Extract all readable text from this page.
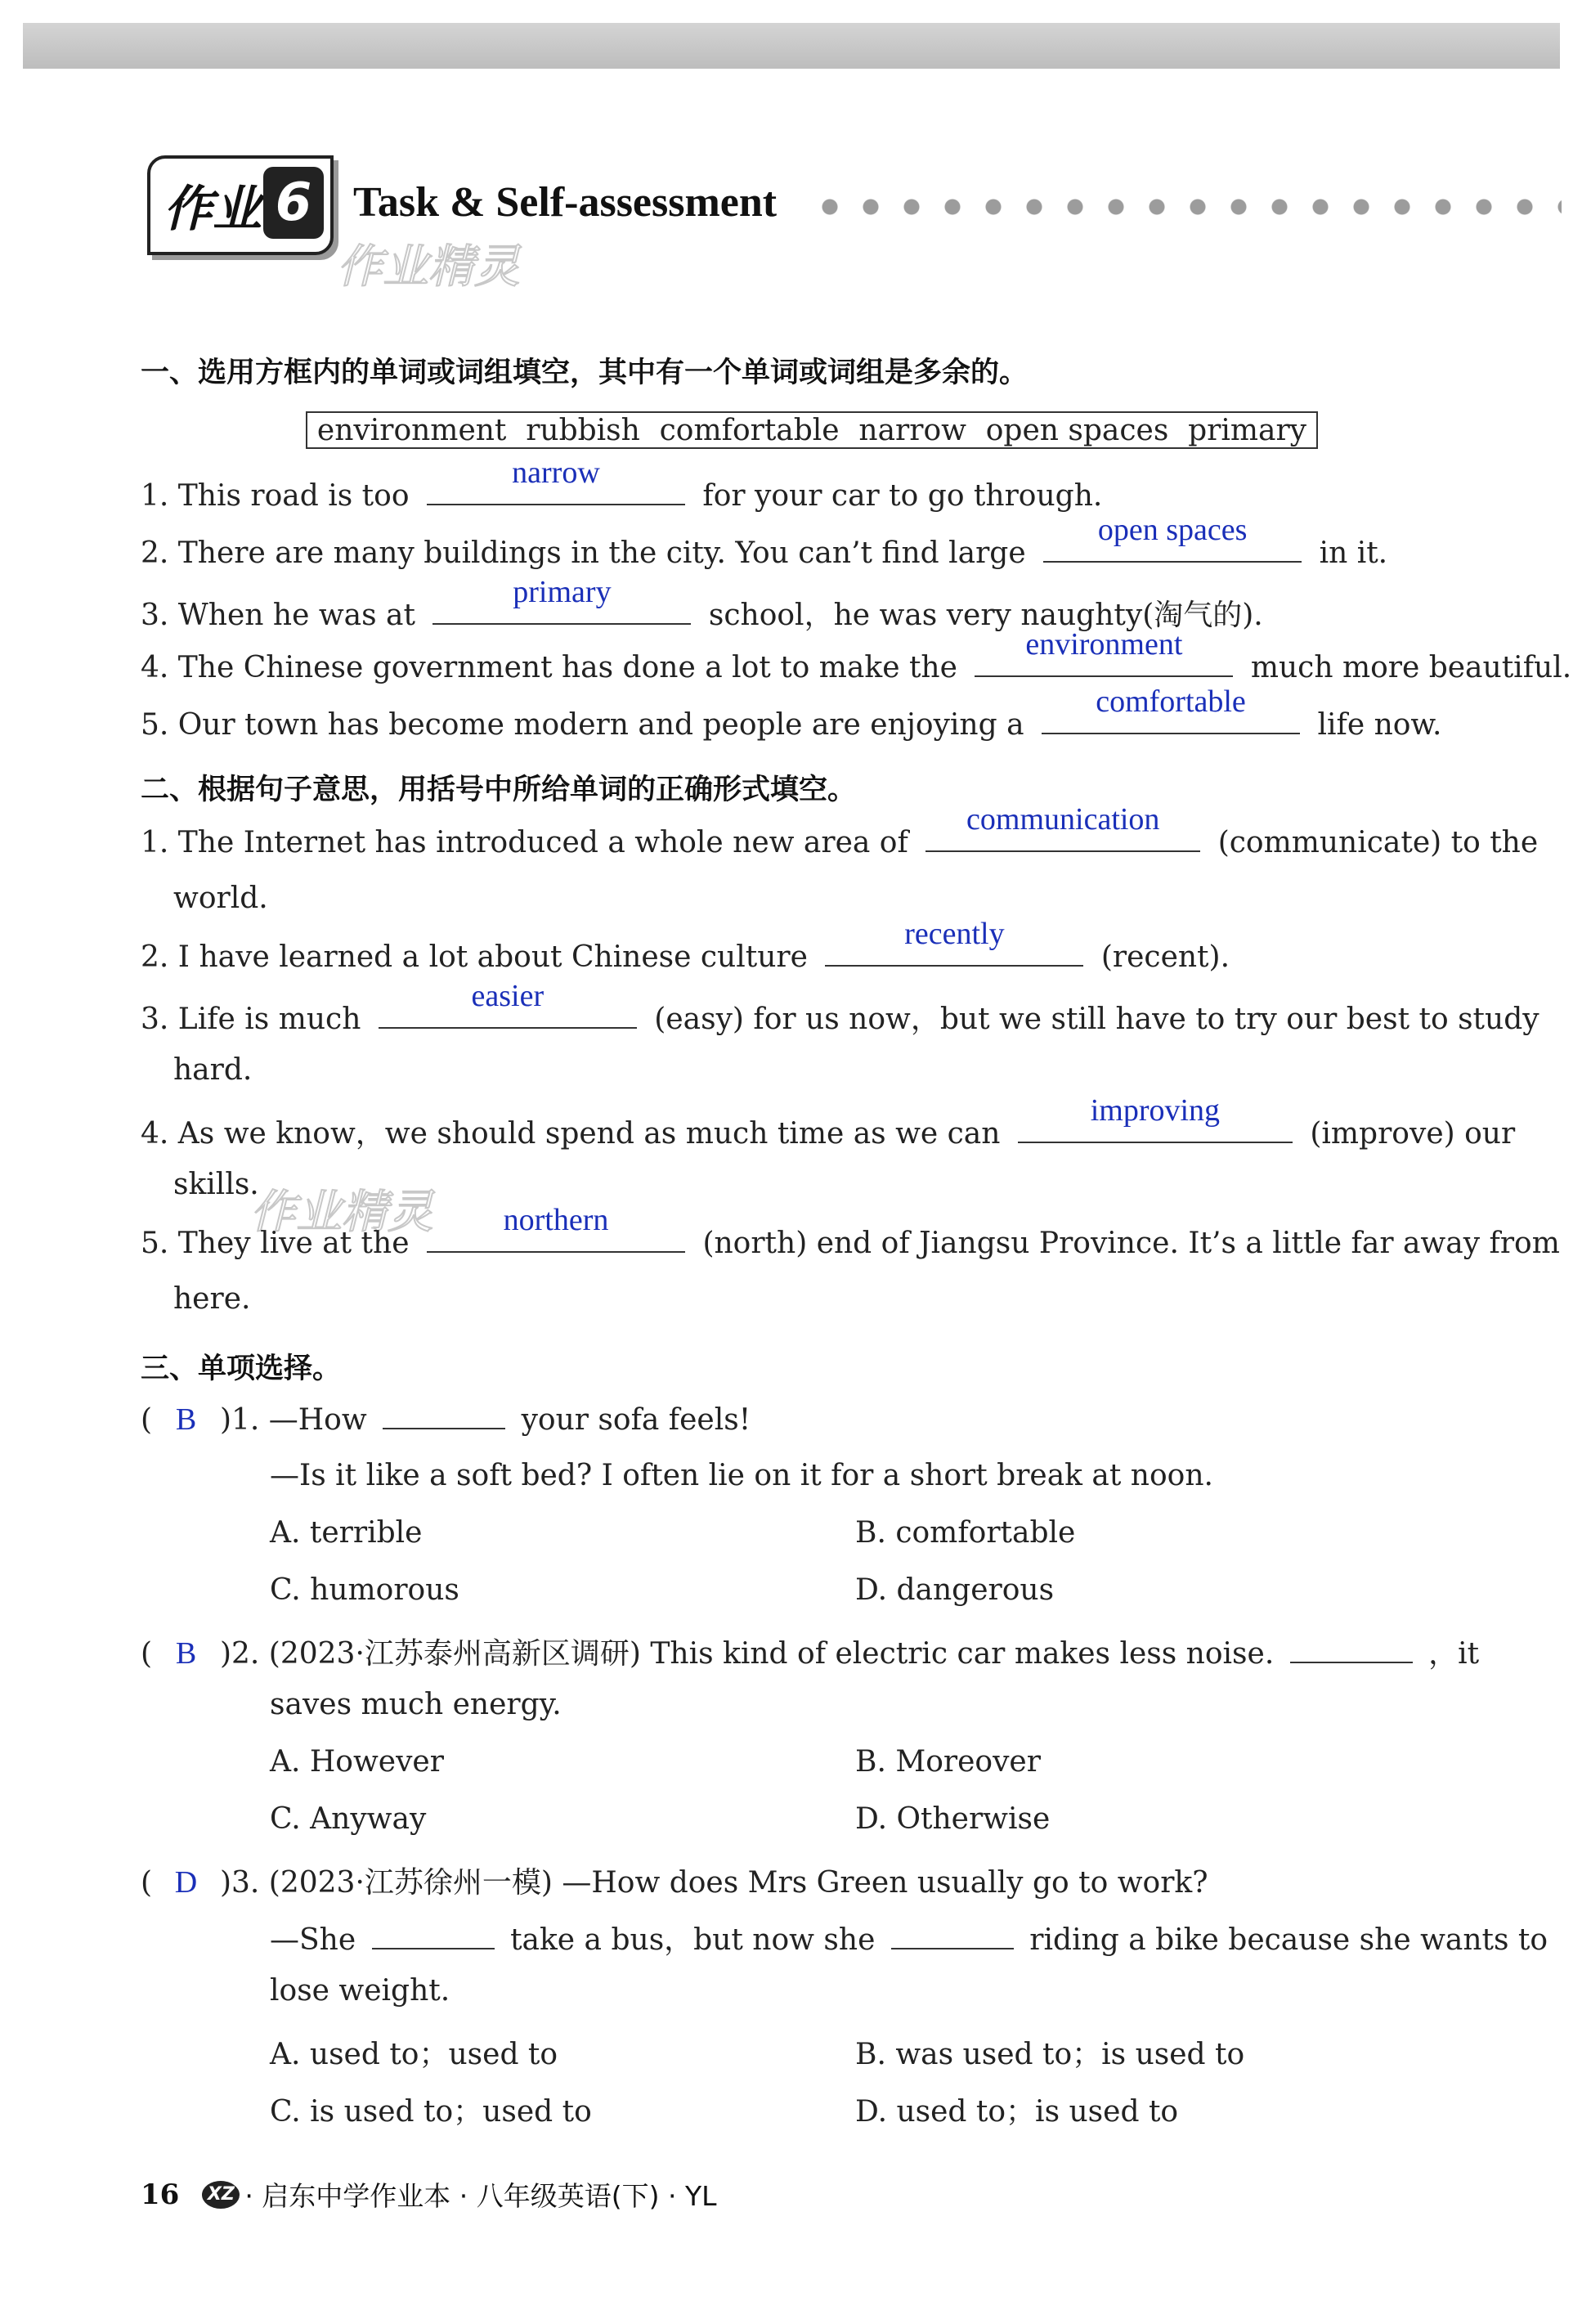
作业 6 Task & Self-assessment
作业精灵
作业精灵
一、选用方框内的单词或词组填空，其中有一个单词或词组是多余的。
environment rubbish comfortable narrow open spaces primary
1. This road is too
narrow
for your car to go through.
2. There are many buildings in the city. You can’t find large
open spaces
in it.
3. When he was at
primary
school，he was very naughty(淘气的).
4. The Chinese government has done a lot to make the
environment
much more beautiful.
5. Our town has become modern and people are enjoying a
comfortable
life now.
二、根据句子意思，用括号中所给单词的正确形式填空。
1. The Internet has introduced a whole new area of
communication
(communicate) to the
world.
2. I have learned a lot about Chinese culture
recently
(recent).
3. Life is much
easier
(easy) for us now，but we still have to try our best to study
hard.
4. As we know，we should spend as much time as we can
improving
(improve) our
skills.
5. They live at the
northern
(north) end of Jiangsu Province. It’s a little far away from
here.
三、单项选择。
( B )1. —How	your sofa feels!
—Is it like a soft bed? I often lie on it for a short break at noon.
A. terrible	B. comfortable
C. humorous	D. dangerous
( B )2. (2023·江苏泰州高新区调研) This kind of electric car makes less noise.	，it
saves much energy.
A. However	B. Moreover
C. Anyway	D. Otherwise
( D )3. (2023·江苏徐州一模) —How does Mrs Green usually go to work?
—She	take a bus，but now she	riding a bike because she wants to
lose weight.
A. used to；used to	B. was used to；is used to
C. is used to；used to	D. used to；is used to
16 XZ · 启东中学作业本 · 八年级英语(下) · YL
